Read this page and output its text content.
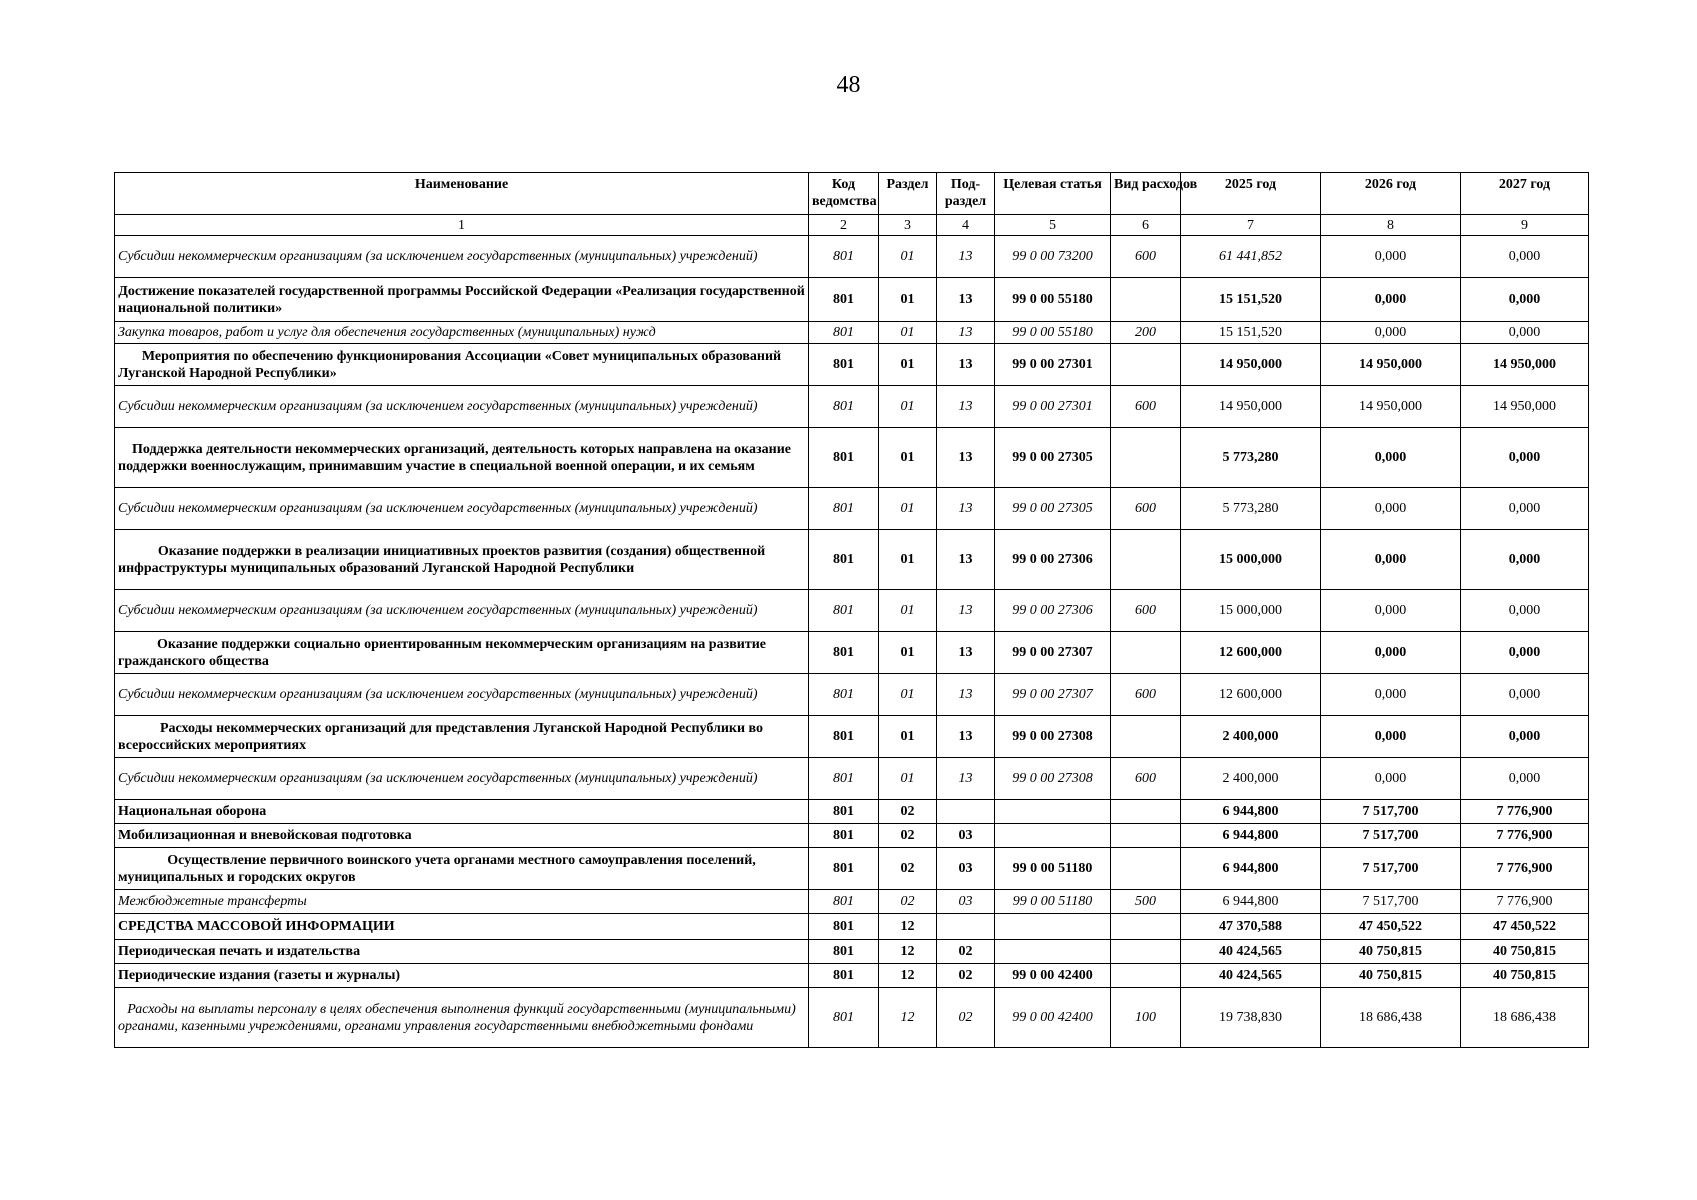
48
Наименование	Код ведомства	Раздел	Под-раздел	Целевая статья	Вид расходов	2025 год	2026 год	2027 год
1	2	3	4	5	6	7	8	9
Субсидии некоммерческим организациям (за исключением государственных (муниципальных) учреждений)	801	01	13	99 0 00 73200	600	61 441,852	0,000	0,000
Достижение показателей государственной программы Российской Федерации «Реализация государственной национальной политики»	801	01	13	99 0 00 55180		15 151,520	0,000	0,000
Закупка товаров, работ и услуг для обеспечения государственных (муниципальных) нужд	801	01	13	99 0 00 55180	200	15 151,520	0,000	0,000
Мероприятия по обеспечению функционирования Ассоциации «Совет муниципальных образований Луганской Народной Республики»	801	01	13	99 0 00 27301		14 950,000	14 950,000	14 950,000
Субсидии некоммерческим организациям (за исключением государственных (муниципальных) учреждений)	801	01	13	99 0 00 27301	600	14 950,000	14 950,000	14 950,000
Поддержка деятельности некоммерческих организаций, деятельность которых направлена на оказание поддержки военнослужащим, принимавшим участие в специальной военной операции, и их семьям	801	01	13	99 0 00 27305		5 773,280	0,000	0,000
Субсидии некоммерческим организациям (за исключением государственных (муниципальных) учреждений)	801	01	13	99 0 00 27305	600	5 773,280	0,000	0,000
Оказание поддержки в реализации инициативных проектов развития (создания) общественной инфраструктуры муниципальных образований Луганской Народной Республики	801	01	13	99 0 00 27306		15 000,000	0,000	0,000
Субсидии некоммерческим организациям (за исключением государственных (муниципальных) учреждений)	801	01	13	99 0 00 27306	600	15 000,000	0,000	0,000
Оказание поддержки социально ориентированным некоммерческим организациям на развитие гражданского общества	801	01	13	99 0 00 27307		12 600,000	0,000	0,000
Субсидии некоммерческим организациям (за исключением государственных (муниципальных) учреждений)	801	01	13	99 0 00 27307	600	12 600,000	0,000	0,000
Расходы некоммерческих организаций для представления Луганской Народной Республики во всероссийских мероприятиях	801	01	13	99 0 00 27308		2 400,000	0,000	0,000
Субсидии некоммерческим организациям (за исключением государственных (муниципальных) учреждений)	801	01	13	99 0 00 27308	600	2 400,000	0,000	0,000
Национальная оборона	801	02				6 944,800	7 517,700	7 776,900
Мобилизационная и вневойсковая подготовка	801	02	03			6 944,800	7 517,700	7 776,900
Осуществление первичного воинского учета органами местного самоуправления поселений, муниципальных и городских округов	801	02	03	99 0 00 51180		6 944,800	7 517,700	7 776,900
Межбюджетные трансферты	801	02	03	99 0 00 51180	500	6 944,800	7 517,700	7 776,900
СРЕДСТВА МАССОВОЙ ИНФОРМАЦИИ	801	12				47 370,588	47 450,522	47 450,522
Периодическая печать и издательства	801	12	02			40 424,565	40 750,815	40 750,815
Периодические издания (газеты и журналы)	801	12	02	99 0 00 42400		40 424,565	40 750,815	40 750,815
Расходы на выплаты персоналу в целях обеспечения выполнения функций государственными (муниципальными) органами, казенными учреждениями, органами управления государственными внебюджетными фондами	801	12	02	99 0 00 42400	100	19 738,830	18 686,438	18 686,438
